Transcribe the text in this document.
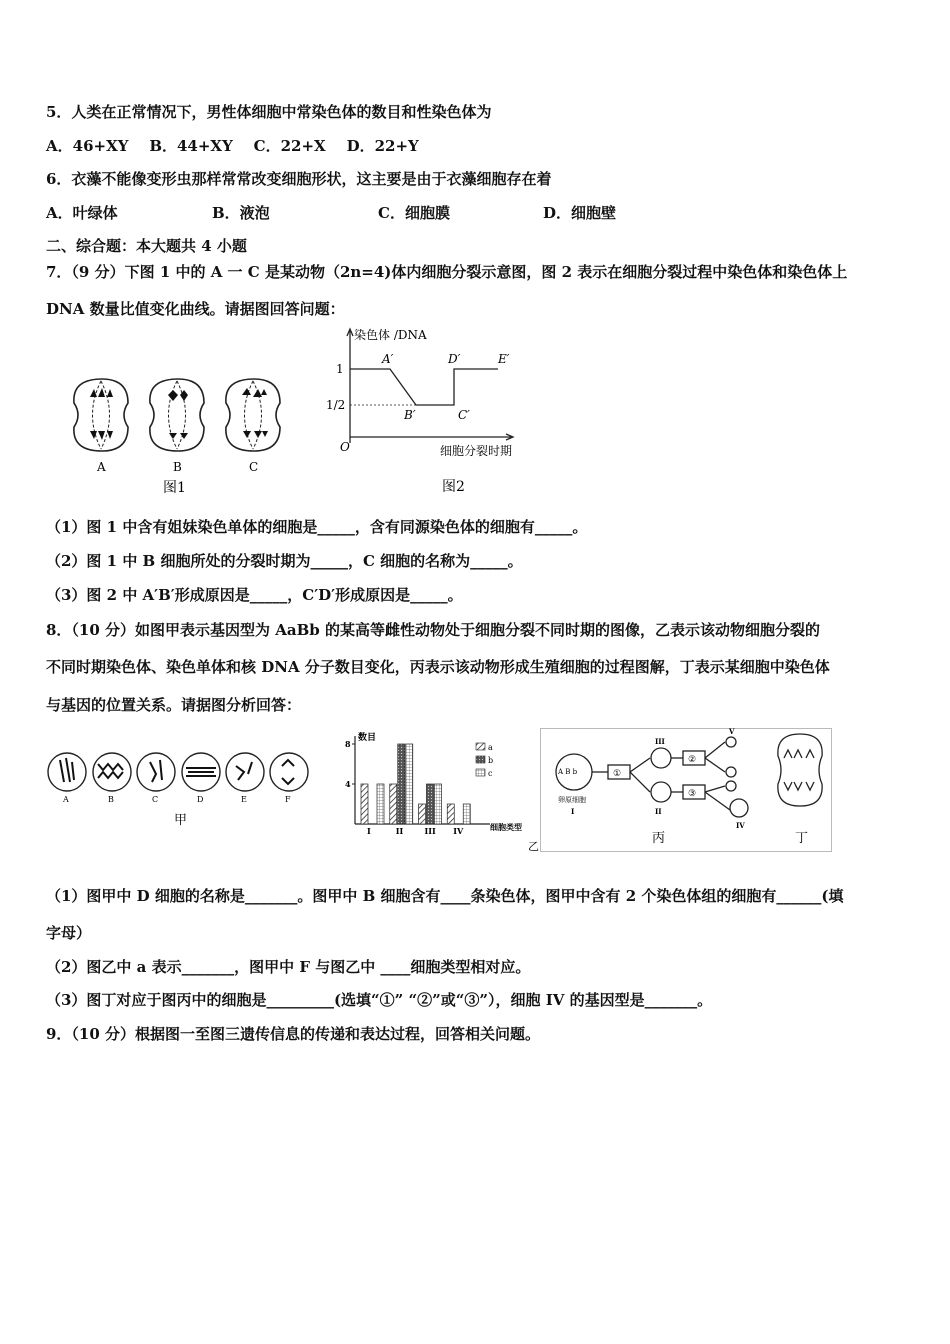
5．人类在正常情况下，男性体细胞中常染色体的数目和性染色体为
A．46+XY    B．44+XY    C．22+X    D．22+Y
6．衣藻不能像变形虫那样常常改变细胞形状，这主要是由于衣藻细胞存在着
A．叶绿体	B．液泡	C．细胞膜	D．细胞壁
二、综合题：本大题共 4 小题
7．（9 分）下图 1 中的 A 一 C 是某动物（2n=4)体内细胞分裂示意图，图 2 表示在细胞分裂过程中染色体和染色体上
DNA 数量比值变化曲线。请据图回答问题：
A	B	C
图1
染色体 /DNA
1
1/2
O
A′
B′	C′
D′	E′
细胞分裂时期
图2
（1）图 1 中含有姐妹染色单体的细胞是_____，含有同源染色体的细胞有_____。
（2）图 1 中 B 细胞所处的分裂时期为_____，C 细胞的名称为_____。
（3）图 2 中 A′B′形成原因是_____，C′D′形成原因是_____。
8．（10 分）如图甲表示基因型为 AaBb 的某高等雌性动物处于细胞分裂不同时期的图像，乙表示该动物细胞分裂的
不同时期染色体、染色单体和核 DNA 分子数目变化，丙表示该动物形成生殖细胞的过程图解，丁表示某细胞中染色体
与基因的位置关系。请据图分析回答：
A	B	C	D	E	F
甲
8
4
I	II	III IV
数目
a
b
c
细胞类型
乙
A B b
卵原细胞
I
①
②
③
II
III
IV
V
丙	丁
（1）图甲中 D 细胞的名称是_______。图甲中 B 细胞含有____条染色体，图甲中含有 2 个染色体组的细胞有______(填
字母）
（2）图乙中 a 表示_______，图甲中 F 与图乙中 ____细胞类型相对应。
（3）图丁对应于图丙中的细胞是_________(选填“①” “②”或“③”），细胞 IV 的基因型是_______。
9．（10 分）根据图一至图三遗传信息的传递和表达过程，回答相关问题。
